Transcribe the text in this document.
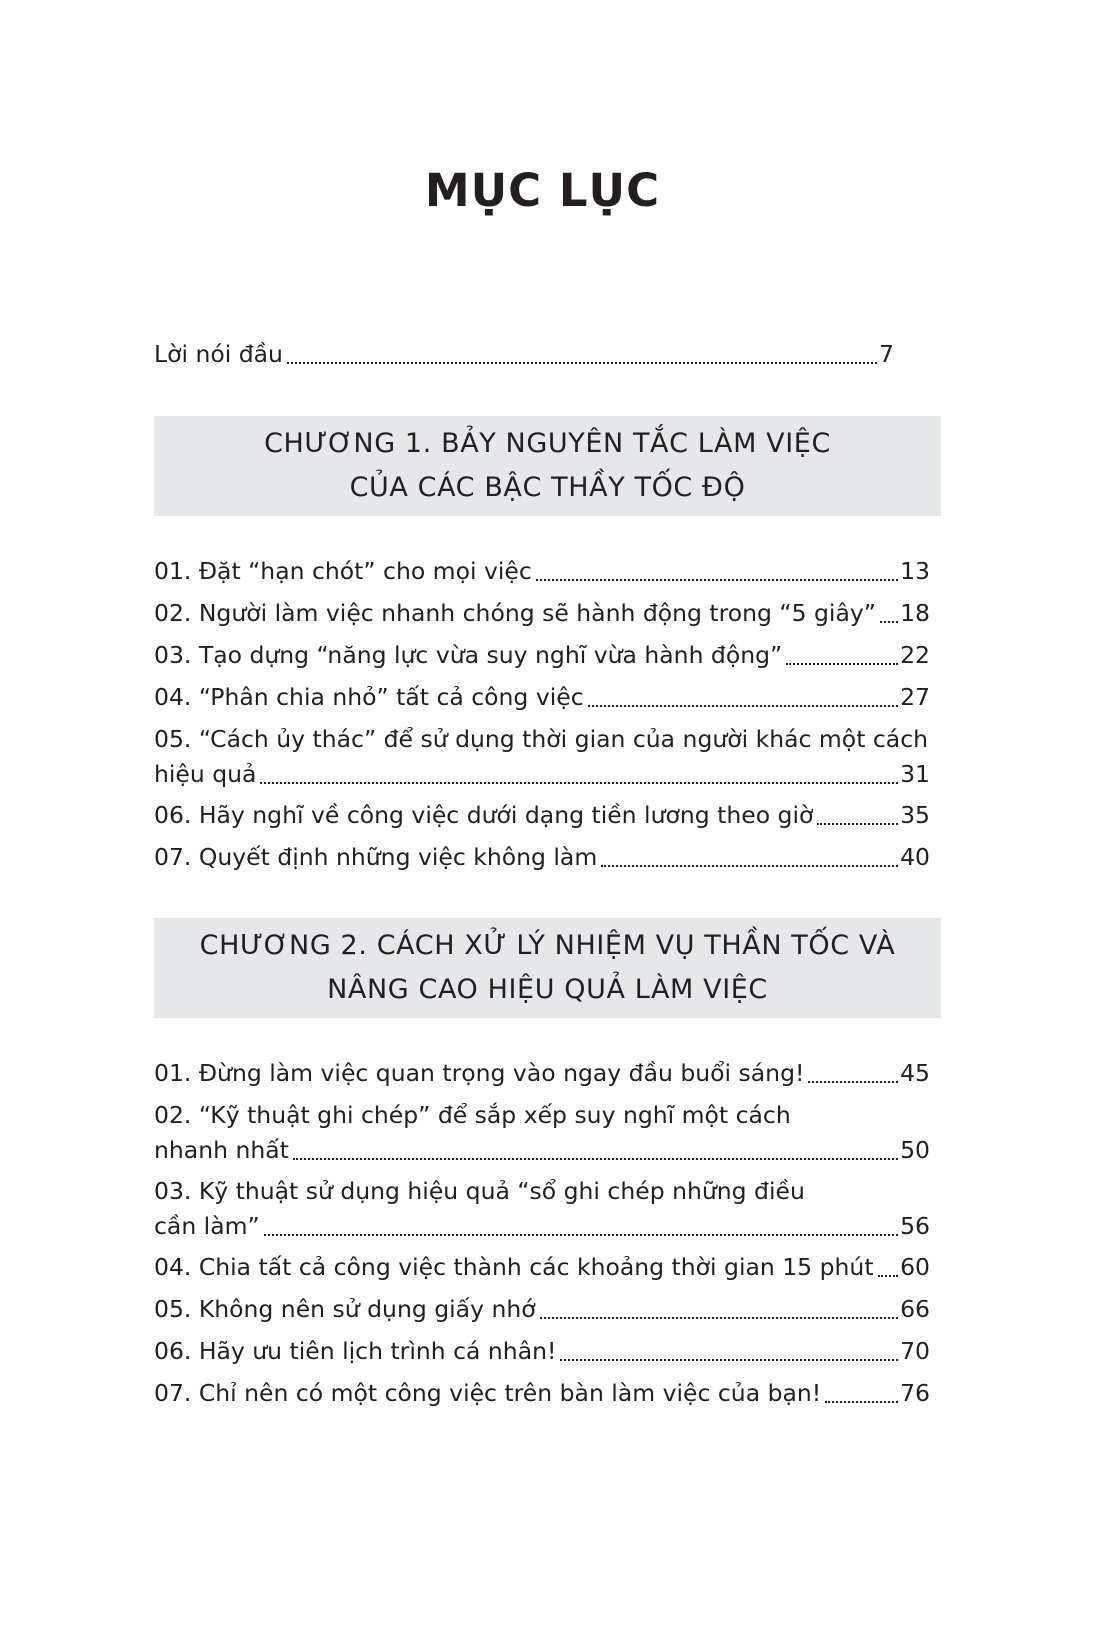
MỤC LỤC
Lời nói đầu	7
CHƯƠNG 1. BẢY NGUYÊN TẮC LÀM VIỆC
CỦA CÁC BẬC THẦY TỐC ĐỘ
01. Đặt “hạn chót” cho mọi việc	13
02. Người làm việc nhanh chóng sẽ hành động trong “5 giây” 18
03. Tạo dựng “năng lực vừa suy nghĩ vừa hành động”	22
04. “Phân chia nhỏ” tất cả công việc	27
05. “Cách ủy thác” để sử dụng thời gian của người khác một cách
hiệu quả	31
06. Hãy nghĩ về công việc dưới dạng tiền lương theo giờ	35
07. Quyết định những việc không làm	40
CHƯƠNG 2. CÁCH XỬ LÝ NHIỆM VỤ THẦN TỐC VÀ
NÂNG CAO HIỆU QUẢ LÀM VIỆC
01. Đừng làm việc quan trọng vào ngay đầu buổi sáng!	45
02. “Kỹ thuật ghi chép” để sắp xếp suy nghĩ một cách
nhanh nhất	50
03. Kỹ thuật sử dụng hiệu quả “sổ ghi chép những điều
cần làm”	56
04. Chia tất cả công việc thành các khoảng thời gian 15 phút 60
05. Không nên sử dụng giấy nhớ	66
06. Hãy ưu tiên lịch trình cá nhân!	70
07. Chỉ nên có một công việc trên bàn làm việc của bạn!	76
